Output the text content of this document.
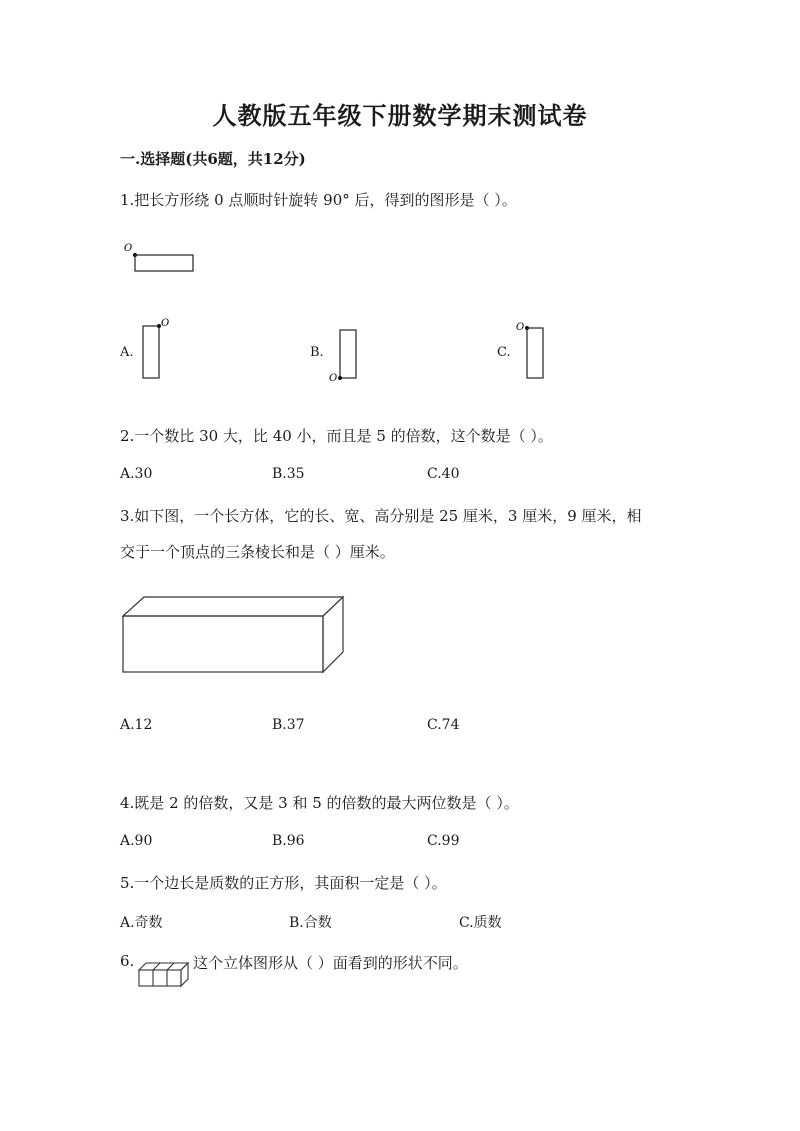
人教版五年级下册数学期末测试卷
一.选择题(共6题，共12分)
1.把长方形绕 0 点顺时针旋转 90° 后，得到的图形是（ ）。
O
A.
O
B.
O
C.
O
2.一个数比 30 大，比 40 小，而且是 5 的倍数，这个数是（ ）。
A.30	B.35	C.40
3.如下图，一个长方体，它的长、宽、高分别是 25 厘米，3 厘米，9 厘米，相
交于一个顶点的三条棱长和是（ ）厘米。
A.12	B.37	C.74
4.既是 2 的倍数，又是 3 和 5 的倍数的最大两位数是（ ）。
A.90	B.96	C.99
5.一个边长是质数的正方形，其面积一定是（ ）。
A.奇数	B.合数	C.质数
6.	这个立体图形从（ ）面看到的形状不同。
